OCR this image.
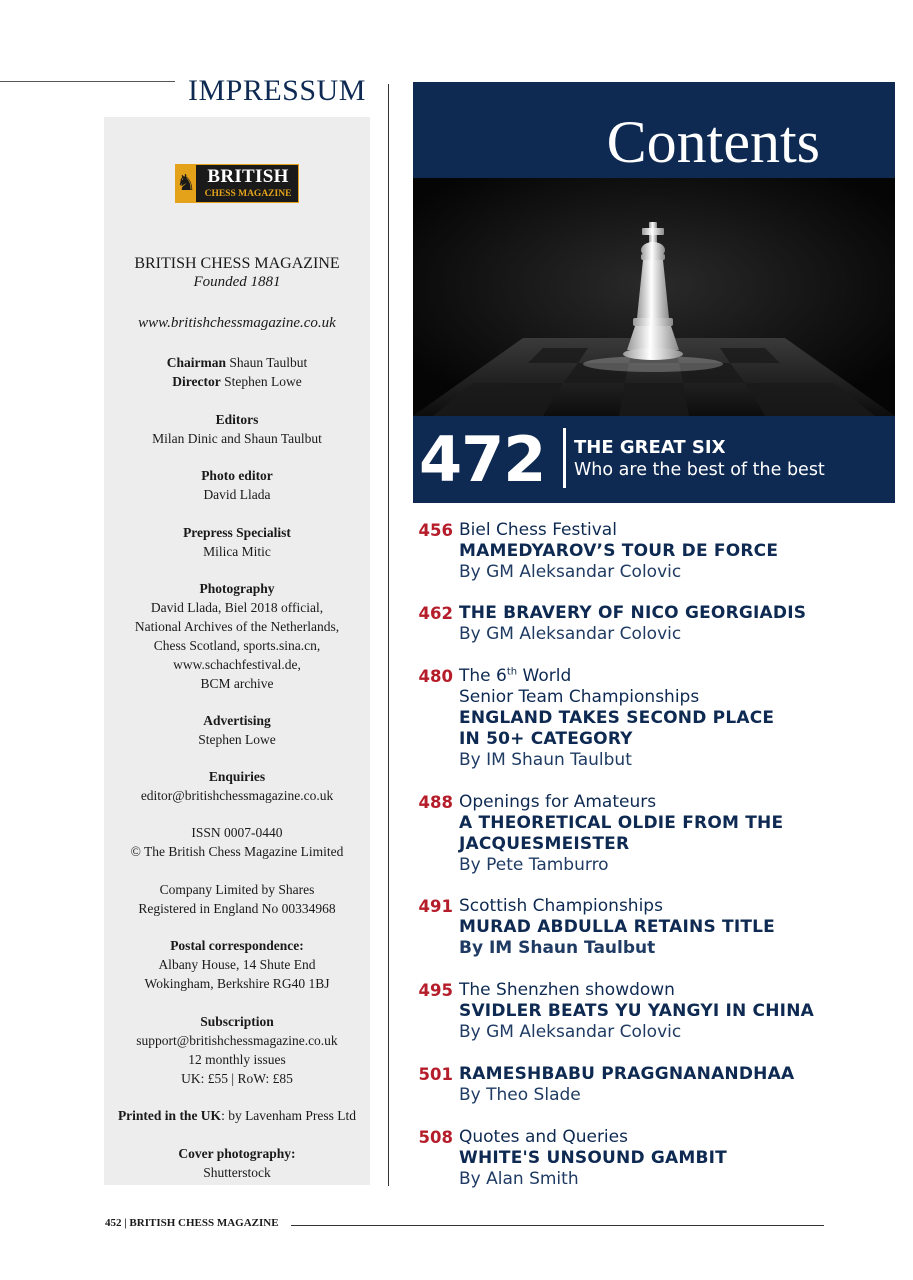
IMPRESSUM
♞ BRITISH
CHESS MAGAZINE
BRITISH CHESS MAGAZINE
Founded 1881
www.britishchessmagazine.co.uk
Chairman Shaun Taulbut
Director Stephen Lowe
Editors
Milan Dinic and Shaun Taulbut
Photo editor
David Llada
Prepress Specialist
Milica Mitic
Photography
David Llada, Biel 2018 official,
National Archives of the Netherlands,
Chess Scotland, sports.sina.cn,
www.schachfestival.de,
BCM archive
Advertising
Stephen Lowe
Enquiries
editor@britishchessmagazine.co.uk
ISSN 0007-0440
© The British Chess Magazine Limited
Company Limited by Shares
Registered in England No 00334968
Postal correspondence:
Albany House, 14 Shute End
Wokingham, Berkshire RG40 1BJ
Subscription
support@britishchessmagazine.co.uk
12 monthly issues
UK: £55 | RoW: £85
Printed in the UK: by Lavenham Press Ltd
Cover photography:
Shutterstock
Contents
472 THE GREAT SIX
Who are the best of the best
456 Biel Chess Festival
MAMEDYAROV’S TOUR DE FORCE
By GM Aleksandar Colovic
462 THE BRAVERY OF NICO GEORGIADIS
By GM Aleksandar Colovic
480 The 6th World
Senior Team Championships
ENGLAND TAKES SECOND PLACE
IN 50+ CATEGORY
By IM Shaun Taulbut
488 Openings for Amateurs
A THEORETICAL OLDIE FROM THE
JACQUESMEISTER
By Pete Tamburro
491 Scottish Championships
MURAD ABDULLA RETAINS TITLE
By IM Shaun Taulbut
495 The Shenzhen showdown
SVIDLER BEATS YU YANGYI IN CHINA
By GM Aleksandar Colovic
501 RAMESHBABU PRAGGNANANDHAA
By Theo Slade
508 Quotes and Queries
WHITE'S UNSOUND GAMBIT
By Alan Smith
452 | BRITISH CHESS MAGAZINE
